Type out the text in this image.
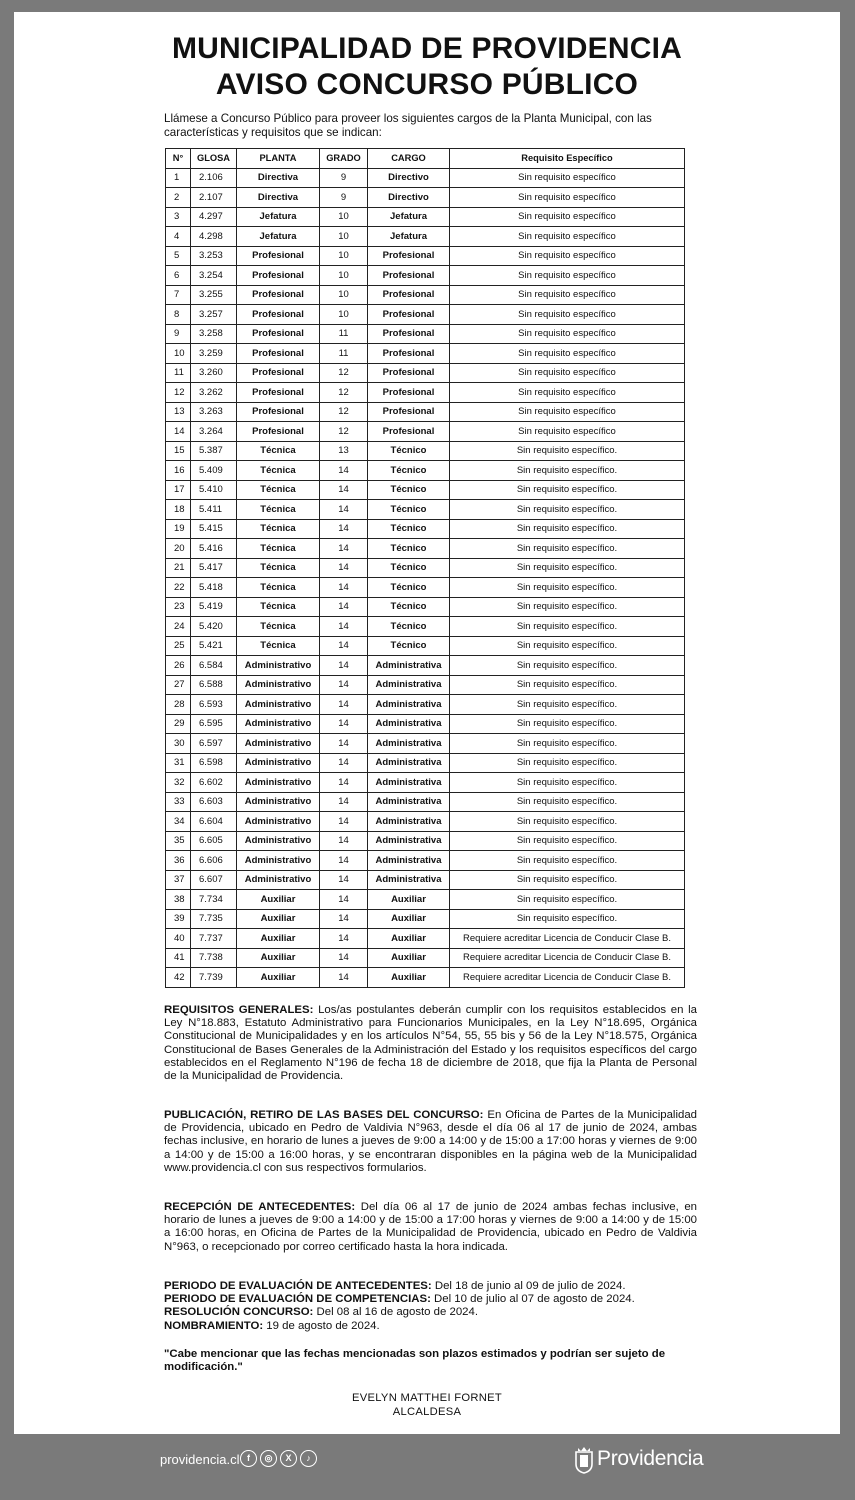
MUNICIPALIDAD DE PROVIDENCIA
AVISO CONCURSO PÚBLICO
Llámese a Concurso Público para proveer los siguientes cargos de la Planta Municipal, con las características y requisitos que se indican:
N°	GLOSA	PLANTA	GRADO	CARGO	Requisito Específico
1	2.106	Directiva	9	Directivo	Sin requisito específico
2	2.107	Directiva	9	Directivo	Sin requisito específico
3	4.297	Jefatura	10	Jefatura	Sin requisito específico
4	4.298	Jefatura	10	Jefatura	Sin requisito específico
5	3.253	Profesional	10	Profesional	Sin requisito específico
6	3.254	Profesional	10	Profesional	Sin requisito específico
7	3.255	Profesional	10	Profesional	Sin requisito específico
8	3.257	Profesional	10	Profesional	Sin requisito específico
9	3.258	Profesional	11	Profesional	Sin requisito específico
10	3.259	Profesional	11	Profesional	Sin requisito específico
11	3.260	Profesional	12	Profesional	Sin requisito específico
12	3.262	Profesional	12	Profesional	Sin requisito específico
13	3.263	Profesional	12	Profesional	Sin requisito específico
14	3.264	Profesional	12	Profesional	Sin requisito específico
15	5.387	Técnica	13	Técnico	Sin requisito específico.
16	5.409	Técnica	14	Técnico	Sin requisito específico.
17	5.410	Técnica	14	Técnico	Sin requisito específico.
18	5.411	Técnica	14	Técnico	Sin requisito específico.
19	5.415	Técnica	14	Técnico	Sin requisito específico.
20	5.416	Técnica	14	Técnico	Sin requisito específico.
21	5.417	Técnica	14	Técnico	Sin requisito específico.
22	5.418	Técnica	14	Técnico	Sin requisito específico.
23	5.419	Técnica	14	Técnico	Sin requisito específico.
24	5.420	Técnica	14	Técnico	Sin requisito específico.
25	5.421	Técnica	14	Técnico	Sin requisito específico.
26	6.584	Administrativo	14	Administrativa	Sin requisito específico.
27	6.588	Administrativo	14	Administrativa	Sin requisito específico.
28	6.593	Administrativo	14	Administrativa	Sin requisito específico.
29	6.595	Administrativo	14	Administrativa	Sin requisito específico.
30	6.597	Administrativo	14	Administrativa	Sin requisito específico.
31	6.598	Administrativo	14	Administrativa	Sin requisito específico.
32	6.602	Administrativo	14	Administrativa	Sin requisito específico.
33	6.603	Administrativo	14	Administrativa	Sin requisito específico.
34	6.604	Administrativo	14	Administrativa	Sin requisito específico.
35	6.605	Administrativo	14	Administrativa	Sin requisito específico.
36	6.606	Administrativo	14	Administrativa	Sin requisito específico.
37	6.607	Administrativo	14	Administrativa	Sin requisito específico.
38	7.734	Auxiliar	14	Auxiliar	Sin requisito específico.
39	7.735	Auxiliar	14	Auxiliar	Sin requisito específico.
40	7.737	Auxiliar	14	Auxiliar	Requiere acreditar Licencia de Conducir Clase B.
41	7.738	Auxiliar	14	Auxiliar	Requiere acreditar Licencia de Conducir Clase B.
42	7.739	Auxiliar	14	Auxiliar	Requiere acreditar Licencia de Conducir Clase B.
REQUISITOS GENERALES: Los/as postulantes deberán cumplir con los requisitos establecidos en la Ley N°18.883, Estatuto Administrativo para Funcionarios Municipales, en la Ley N°18.695, Orgánica Constitucional de Municipalidades y en los artículos N°54, 55, 55 bis y 56 de la Ley N°18.575, Orgánica Constitucional de Bases Generales de la Administración del Estado y los requisitos específicos del cargo establecidos en el Reglamento N°196 de fecha 18 de diciembre de 2018, que fija la Planta de Personal de la Municipalidad de Providencia.
PUBLICACIÓN, RETIRO DE LAS BASES DEL CONCURSO: En Oficina de Partes de la Municipalidad de Providencia, ubicado en Pedro de Valdivia N°963, desde el día 06 al 17 de junio de 2024, ambas fechas inclusive, en horario de lunes a jueves de 9:00 a 14:00 y de 15:00 a 17:00 horas y viernes de 9:00 a 14:00 y de 15:00 a 16:00 horas, y se encontraran disponibles en la página web de la Municipalidad www.providencia.cl con sus respectivos formularios.
RECEPCIÓN DE ANTECEDENTES: Del día 06 al 17 de junio de 2024 ambas fechas inclusive, en horario de lunes a jueves de 9:00 a 14:00 y de 15:00 a 17:00 horas y viernes de 9:00 a 14:00 y de 15:00 a 16:00 horas, en Oficina de Partes de la Municipalidad de Providencia, ubicado en Pedro de Valdivia N°963, o recepcionado por correo certificado hasta la hora indicada.
PERIODO DE EVALUACIÓN DE ANTECEDENTES: Del 18 de junio al 09 de julio de 2024.
PERIODO DE EVALUACIÓN DE COMPETENCIAS: Del 10 de julio al 07 de agosto de 2024.
RESOLUCIÓN CONCURSO: Del 08 al 16 de agosto de 2024.
NOMBRAMIENTO: 19 de agosto de 2024.
"Cabe mencionar que las fechas mencionadas son plazos estimados y podrían ser sujeto de modificación."
EVELYN MATTHEI FORNET
ALCALDESA
providencia.cl f	◎	X	♪	Providencia
